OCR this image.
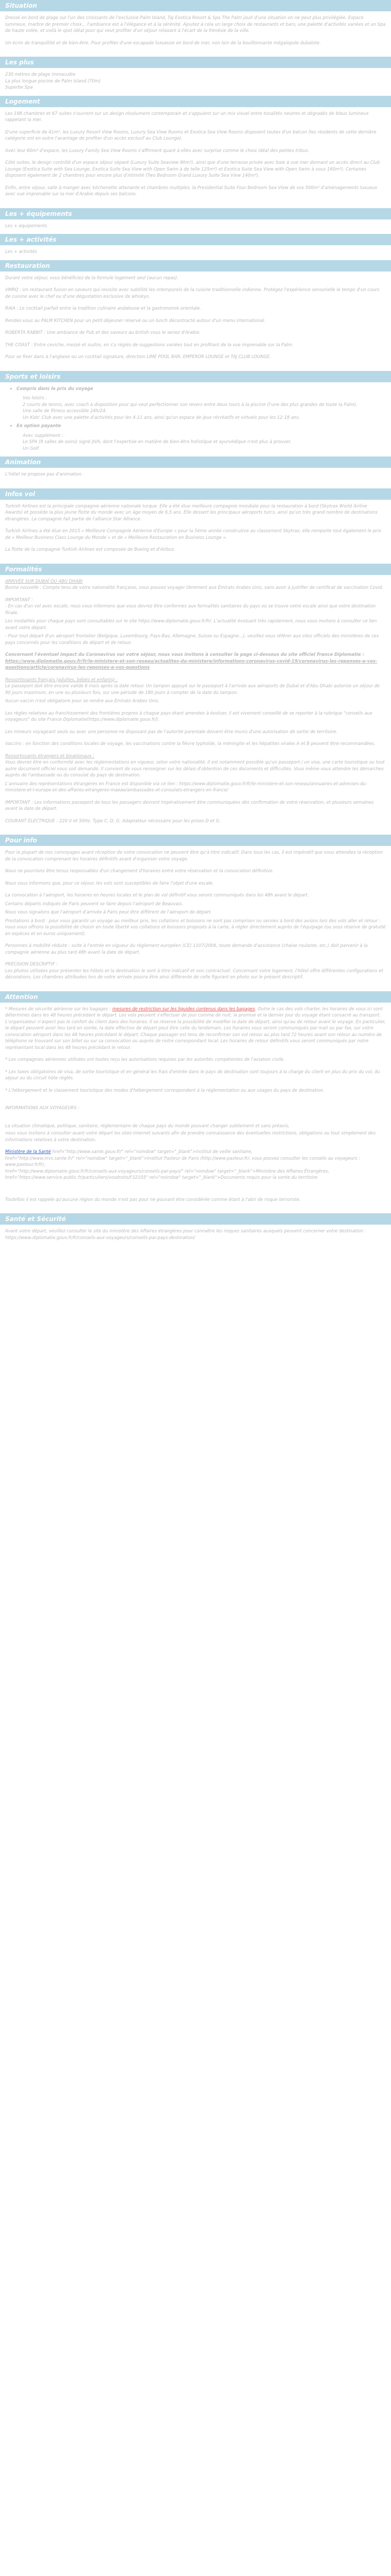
Situation

Dressé en bord de plage sur l'un des croissants de l'exclusive Palm Island, Taj Exotica Resort & Spa The Palm jouit d'une situation on ne peut plus privilégiée. Espace lumineux, marbre de premier choix... l'ambiance est à l'élégance et à la sérénité. Ajoutez à cela un large choix de restaurants et bars, une palette d'activités variées et un Spa de haute volée, et voilà le spot idéal pour qui veut profiter d'un séjour relaxant à l'écart de la frénésie de la ville.

Un écrin de tranquillité et de bien-être. Pour profiter d'une escapade luxueuse en bord de mer, non loin de la bouillonnante mégalopole dubaïote.

Les plus
230 mètres de plage immaculée
La plus longue piscine de Palm Island (70m)
Superbe Spa
Logement

Les 198 chambres et 67 suites s'ouvrent sur un design résolument contemporain et s'appuient sur un mix visuel entre tonalités neutres et dégradés de bleus lumineux rappelant la mer.

D'une superficie de 41m², les Luxury Resort View Rooms, Luxury Sea View Rooms et Exotica Sea View Rooms disposent toutes d'un balcon (les résidents de cette dernière catégorie ont en outre l'avantage de profiter d'un accès exclusif au Club Lounge).

Avec leur 60m² d'espace, les Luxury Family Sea View Rooms s'affirment quant à elles avec surprise comme le choix idéal des petites tribus.

Côté suites, le design contrôlé d'un espace séjour séparé (Luxury Suite Seaview 90m²), ainsi que d'une terrasse privée avec baie à vue mer donnant un accès direct au Club Lounge (Exotica Suite with Sea Lounge, Exotica Suite Sea View with Open Swim à de telle 125m²) et Exotica Suite Sea View with Open Swim à vous 160m²). Certaines disposent également de 2 chambres pour encore plus d'intimité (Two Bedroom Grand Luxury Suite Sea View 140m²).

Enfin, entre séjour, salle à manger avec kitchenette attenante et chambres multiples, la Presidential Suite Four Bedroom Sea View de vos 500m² d'aménagements luxueux avec vue imprenable sur la mer d'Arabie depuis ses balcons.

Les + équipements
Les + équipements
Les + activités
Les + activités
Restauration

Durant votre séjour, vous bénéficiez de la formule logement seul (aucun repas).

VMRQ : Un restaurant fusion en saveurs qui revisite avec subtilité les intemporels de la cuisine traditionnelle indienne. Protégez l'expérience sensorielle le temps d'un cours de cuisine avec le chef ou d'une dégustation exclusive de whiskys.

RAIA : Le cocktail parfait entre la tradition culinaire andalouse et la gastronomie orientale.

Rendez-vous au PALM KITCHEN pour un petit-déjeuner réservé ou un lunch décontracté autour d'un menu international.

ROBERTA RABBIT : Une ambiance de Pub et des saveurs au british vous le seriez d'Arabie.

THE COAST : Entre ceviche, mezzé et sushis, en s'y réglés de suggestions variées tout en profitant de la vue imprenable sur la Palm.

Pour se fixer dans à l'anglaise ou un cocktail signature, direction LIME POOL BAR, EMPEROR LOUNGE et TAJ CLUB LOUNGE.

Sports et loisirs
• Compris dans le prix du voyage
Vos loisirs :
2 courts de tennis, avec coach à disposition pour qui veut perfectionner son revers entre deux tours à la piscine (l'une des plus grandes de toute la Palm).
Une salle de fitness accessible 24h/24.
Un Kids' Club avec une palette d'activités pour les 4-11 ans, ainsi qu'un espace de jeux récréatifs et virtuels pour les 12-18 ans.
• En option payante
Avec supplément :
Le SPA (9 salles de soins) signé JIVA, dont l'expertise en matière de bien-être holistique et ayurvédique n'est plus à prouver.
Un Golf
Animation

L'hôtel ne propose pas d'animation.

Infos vol

Turkish Airlines est la principale compagnie aérienne nationale turque. Elle a été élue meilleure compagnie mondiale pour la restauration à bord (Skytrax World Airline Awards) et possède la plus jeune flotte du monde avec un âge moyen de 6,5 ans. Elle dessert les principaux aéroports turcs, ainsi qu'un très grand nombre de destinations étrangères. La compagnie fait partie de l'alliance Star Alliance.

Turkish Airlines a été élue en 2015 « Meilleure Compagnie Aérienne d'Europe » pour la 5ème année consécutive au classement Skytrax, elle remporte tout également le prix de « Meilleur Business Class Lounge du Monde » et de « Meilleure Restauration en Business Lounge ».

La flotte de la compagnie Turkish Airlines est composée de Boeing et d'Airbus.

Formalités
ARRIVÉE SUR DUBAÏ OU ABU DHABI

Bonne nouvelle : Compte tenu de votre nationalité française, vous pouvez voyager librement aux Émirats Arabes Unis, sans avoir à justifier de certificat de vaccination Covid.

IMPORTANT :

- En cas d'un vol avec escale, nous vous informons que vous devrez être conformes aux formalités sanitaires du pays où se trouve votre escale ainsi que votre destination finale.

Les modalités pour chaque pays sont consultables sur le site https://www.diplomatie.gouv.fr/fr/. L'actualité évoluant très rapidement, nous vous invitons à consulter ce lien avant votre départ.

- Pour tout départ d'un aéroport frontalier (Belgique, Luxembourg, Pays-Bas, Allemagne, Suisse ou Espagne...), veuillez vous référer aux sites officiels des ministères de ces pays concernés pour les conditions de départ et de retour.

Concernant l'éventuel impact du Coronavirus sur votre séjour, nous vous invitons à consulter la page ci-dessous du site officiel France Diplomatie :

https://www.diplomatie.gouv.fr/fr/le-ministere-et-son-reseau/actualites-du-ministere/informations-coronavirus-covid-19/coronavirus-les-reponses-a-vos-questions/article/coronavirus-les-reponses-a-vos-questions

Ressortissants français (adultes, bébés et enfants) :

Le passeport doit être encore valide 6 mois après la date retour. Un tampon appuyé sur le passeport à l'arrivée aux aéroports de Dubaï et d'Abu Dhabi autorise un séjour de 90 jours maximum, en une ou plusieurs fois, sur une période de 180 jours à compter de la date du tampon.

Aucun vaccin n'est obligatoire pour se rendre aux Émirats Arabes Unis.

Les règles relatives au franchissement des frontières propres à chaque pays étant amenées à évoluer, il est vivement conseillé de se reporter à la rubrique "conseils aux voyageurs" du site France Diplomatie(https://www.diplomatie.gouv.fr/).

Les mineurs voyageant seuls ou avec une personne ne disposant pas de l'autorité parentale doivent être munis d'une autorisation de sortie de territoire.

Vaccins : en fonction des conditions locales de voyage, les vaccinations contre la fièvre typhoïde, la méningite et les hépatites virales A et B peuvent être recommandées.

Ressortissants étrangers et binationaux :

Vous devrez être en conformité avec les réglementations en vigueur, selon votre nationalité. Il est notamment possible qu'un passeport / un visa, une carte touristique ou tout autre document officiel vous soit demandé. Il convient de vous renseigner sur les délais d'obtention de ces documents et difficultés. Vous même vous attendre les démarches auprès de l'ambassade ou du consulat du pays de destination.

L'annuaire des représentations étrangères en France est disponible via ce lien : https://www.diplomatie.gouv.fr/fr/le-ministere-et-son-reseau/annuaires-et-adresses-du-ministere-et-l-europe-et-des-affaires-etrangeres-maeae/ambassades-et-consulats-etrangers-en-france/

IMPORTANT : Les informations passeport de tous les passagers devront impérativement être communiquées dès confirmation de votre réservation, et plusieurs semaines avant la date de départ.

COURANT ÉLECTRIQUE : 220 V et 50Hz. Type C, D, G. Adaptateur nécessaire pour les prises D et G.

Pour info

Pour la plupart de nos convoyages avant réception de votre convocation ne peuvent être qu'à titre indicatif. Dans tous les cas, il est impératif que vous attendiez la réception de la convocation comprenant les horaires définitifs avant d'organiser votre voyage.

Nous ne pourrions être tenus responsables d'un changement d'horaires entre votre réservation et la convocation définitive.

Nous vous informons que, pour ce séjour, les vols sont susceptibles de faire l'objet d'une escale.

La convocation à l'aéroport, les horaires en heures locales et le plan de vol définitif vous seront communiqués dans les 48h avant le départ.

Certains départs indiqués de Paris peuvent se faire depuis l'aéroport de Beauvais.

Nous vous signalons que l'aéroport d'arrivée à Paris peut être différent de l'aéroport de départ.

Prestations à bord : pour vous garantir un voyage au meilleur prix, les collations et boissons ne sont pas comprises ou servies à bord des avions lors des vols aller et retour : nous vous offrons la possibilité de choisir en toute liberté vos collations et boissons proposés à la carte, à régler directement auprès de l'équipage (ou sous réserve de gratuité en espèces et en euros uniquement).

Personnes à mobilité réduite : suite à l'entrée en vigueur du règlement européen (CE) 1107/2006, toute demande d'assistance (chaise roulante, etc.) doit parvenir à la compagnie aérienne au plus tard 48h avant la date de départ.

PRÉCISION DESCRIPTIF :

Les photos utilisées pour présenter les hôtels et la destination le sont à titre indicatif et non contractuel. Concernant votre logement, l'hôtel offre différentes configurations et décorations. Les chambres attribuées lors de votre arrivée pourra être ainsi différente de celle figurant en photo sur le présent descriptif.

Attention

* Mesures de sécurité aérienne sur les bagages : mesures de restriction sur les liquides contenus dans les bagages. Outre le cas des vols charter, les horaires de vous ici sont déterminés dans les 48 heures précédant le départ. Les vols peuvent s'effectuer de jour comme de nuit, la promise et la dernier jour du voyage étant consacré au transport. L'organisateur n'aspect pas le confort du client dans des horaires. Il se réserve la possibilité de modifier la date de départ, ainsi qu'au de retour avant le voyage. En particulier, le départ peuvent avoir lieu tard en soirée, la date effective de départ peut être celle du lendemain. Les horaires vous seront communiqués par mail ou par fax, sur votre convocation aéroport dans les 48 heures précédant le départ. Chaque passager est tenu de reconfirmer son vol retour au plus tard 72 heures avant son retour au numéro de téléphone se trouvant sur son billet ou sur sa convocation ou auprès de notre correspondant local. Les horaires de retour définitifs vous seront communiqués par notre représentant local dans les 48 heures précédant le retour.

* Les compagnies aériennes utilisées ont toutes reçu les autorisations requises par les autorités compétentes de l'aviation civile.

* Les taxes obligatoires de visa, de sortie touristique et en général les frais d'entrée dans le pays de destination sont toujours à la charge du client en plus du prix du vol, du séjour ou du circuit hôte réglés.

* L'hébergement et le classement touristique des modes d'hébergement correspondent à la réglementation ou aux usages du pays de destination.

INFORMATIONS AUX VOYAGEURS :

La situation climatique, politique, sanitaire, réglementaire de chaque pays du monde pouvant changer subitement et sans préavis,

nous vous invitons à consulter avant votre départ les sites Internet suivants afin de prendre connaissance des éventuelles restrictions, obligations ou tout simplement des informations relatives à votre destination.

Ministère de la Santé href="http://www.sante.gouv.fr/" rel="noindow" target="_blank">Institut de veille sanitaire,
href="http://www.invs.sante.fr/" rel="noindow" target="_blank">Institut Pasteur de Paris (http://www.pasteur.fr/, vous pouvez consulter les conseils au voyageurs : www.pasteur.fr/fr),
href="http://www.diplomatie.gouv.fr/fr/conseils-aux-voyageurs/conseils-par-pays/" rel="noindow" target="_blank">Ministère des Affaires Étrangères, href="https://www.service-public.fr/particuliers/vosdroits/F32105" rel="noindow" target="_blank">Documents requis pour la sortie du territoire.

Toutefois il est rappelé qu'aucune région du monde n'est pas pour ne pouvant être considérée comme étant à l'abri de risque terroriste.

Santé et Sécurité

Avant votre départ, veuillez consulter le site du ministère des Affaires étrangères pour connaître les risques sanitaires auxquels peuvent concerner votre destination : https://www.diplomatie.gouv.fr/fr/conseils-aux-voyageurs/conseils-par-pays-destination/
